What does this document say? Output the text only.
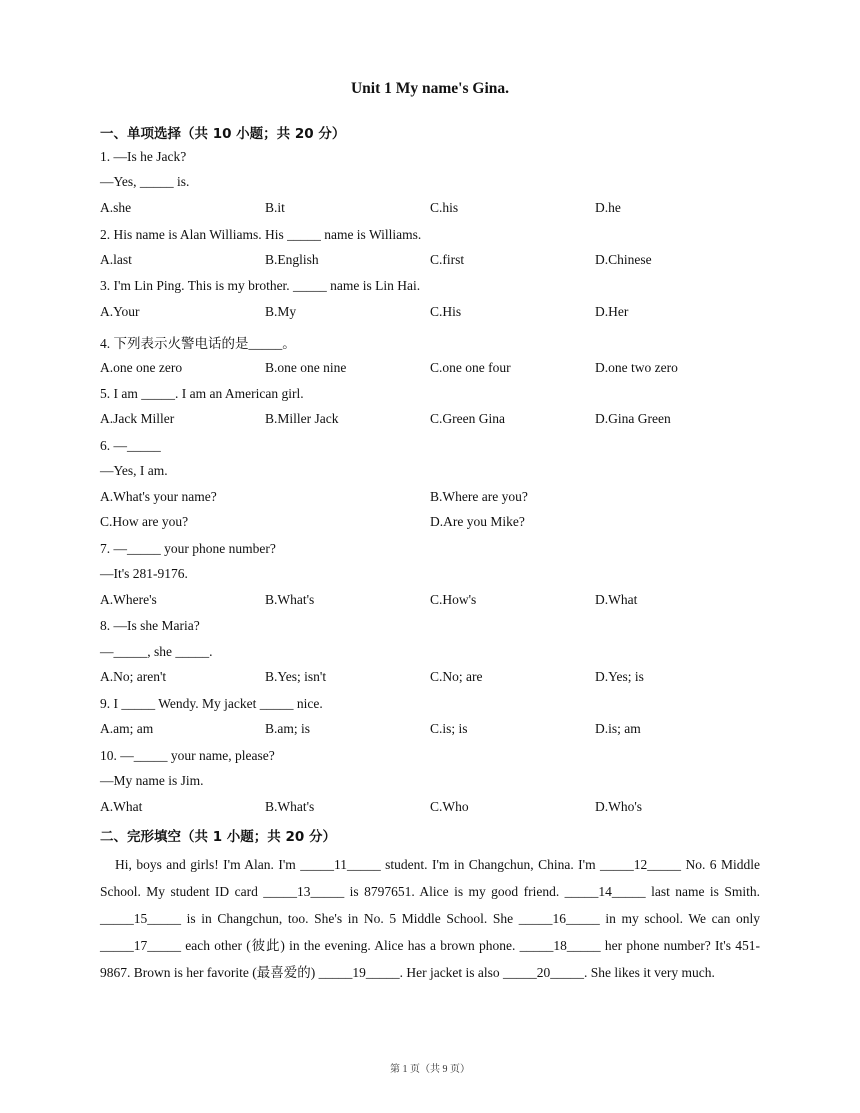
Unit 1 My name's Gina.
一、单项选择（共 10 小题；共 20 分）
1. —Is he Jack?
—Yes, _____ is.
A.she	B.it	C.his	D.he
2. His name is Alan Williams. His _____ name is Williams.
A.last	B.English	C.first	D.Chinese
3. I'm Lin Ping. This is my brother. _____ name is Lin Hai.
A.Your	B.My	C.His	D.Her
4. 下列表示火警电话的是_____。
A.one one zero	B.one one nine	C.one one four	D.one two zero
5. I am _____. I am an American girl.
A.Jack Miller	B.Miller Jack	C.Green Gina	D.Gina Green
6. —_____
—Yes, I am.
A.What's your name?	B.Where are you?
C.How are you?	D.Are you Mike?
7. —_____ your phone number?
—It's 281-9176.
A.Where's	B.What's	C.How's	D.What
8. —Is she Maria?
—_____, she _____.
A.No; aren't	B.Yes; isn't	C.No; are	D.Yes; is
9. I _____ Wendy. My jacket _____ nice.
A.am; am	B.am; is	C.is; is	D.is; am
10. —_____ your name, please?
—My name is Jim.
A.What	B.What's	C.Who	D.Who's
二、完形填空（共 1 小题；共 20 分）

Hi, boys and girls! I'm Alan. I'm _____11_____ student. I'm in Changchun, China. I'm _____12_____ No. 6 Middle School. My student ID card _____13_____ is 8797651. Alice is my good friend. _____14_____ last name is Smith. _____15_____ is in Changchun, too. She's in No. 5 Middle School. She _____16_____ in my school. We can only _____17_____ each other (彼此) in the evening. Alice has a brown phone. _____18_____ her phone number? It's 451-9867. Brown is her favorite (最喜爱的) _____19_____. Her jacket is also _____20_____. She likes it very much.

第 1 页（共 9 页）
